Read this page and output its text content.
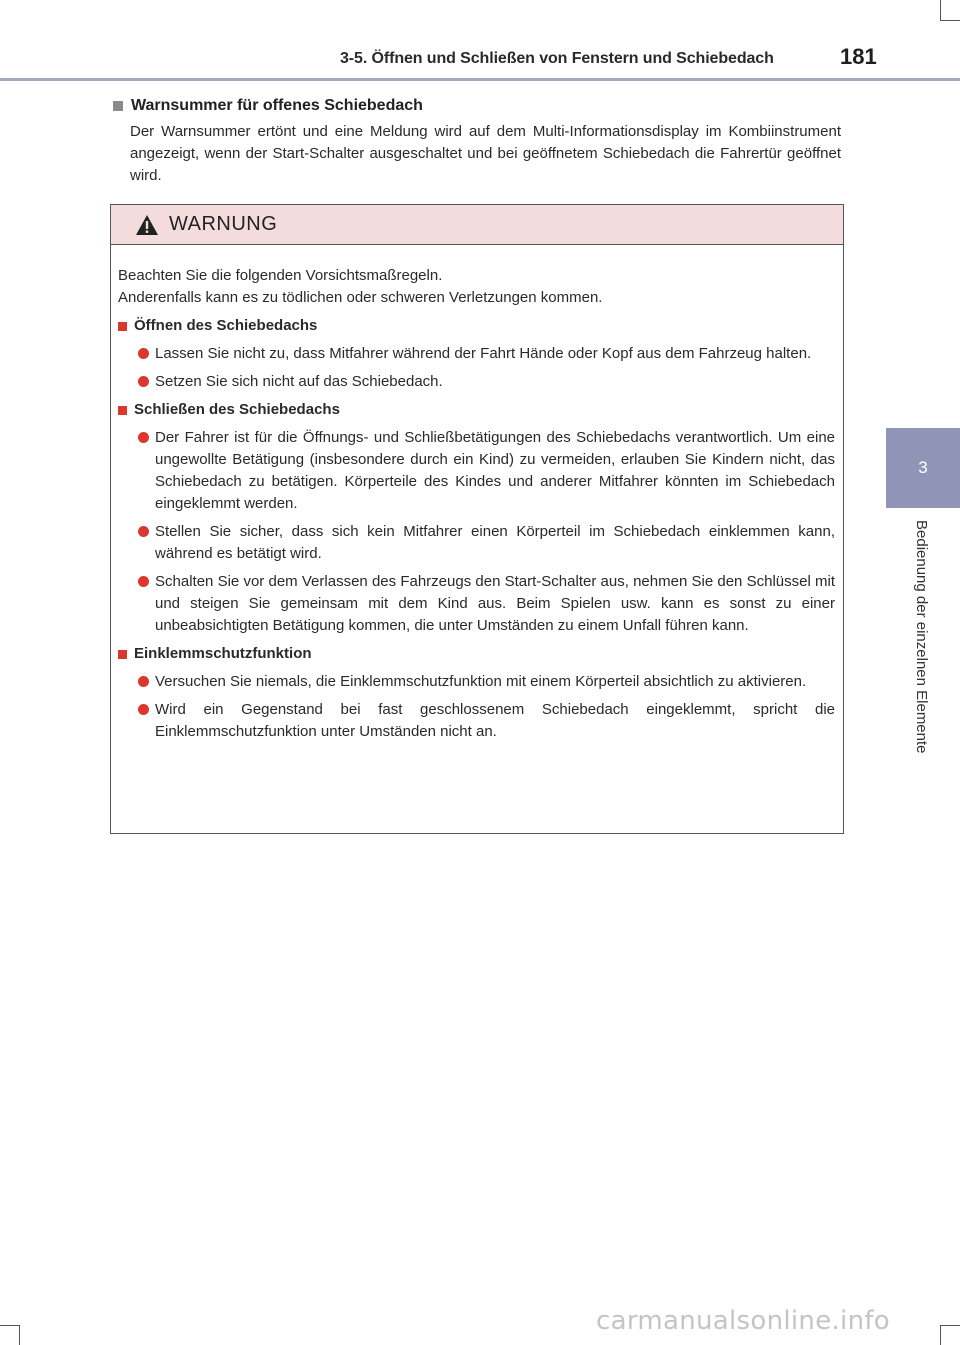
3-5. Öffnen und Schließen von Fenstern und Schiebedach	181
3
Bedienung der einzelnen Elemente
Warnsummer für offenes Schiebedach

Der Warnsummer ertönt und eine Meldung wird auf dem Multi-Informationsdisplay im Kombiinstrument angezeigt, wenn der Start-Schalter ausgeschaltet und bei geöffnetem Schiebedach die Fahrertür geöffnet wird.

WARNUNG

Beachten Sie die folgenden Vorsichtsmaßregeln.
Anderenfalls kann es zu tödlichen oder schweren Verletzungen kommen.

Öffnen des Schiebedachs
Lassen Sie nicht zu, dass Mitfahrer während der Fahrt Hände oder Kopf aus dem Fahrzeug halten.
Setzen Sie sich nicht auf das Schiebedach.
Schließen des Schiebedachs
Der Fahrer ist für die Öffnungs- und Schließbetätigungen des Schiebedachs verantwortlich. Um eine ungewollte Betätigung (insbesondere durch ein Kind) zu vermeiden, erlauben Sie Kindern nicht, das Schiebedach zu betätigen. Körperteile des Kindes und anderer Mitfahrer könnten im Schiebedach eingeklemmt werden.
Stellen Sie sicher, dass sich kein Mitfahrer einen Körperteil im Schiebedach einklemmen kann, während es betätigt wird.
Schalten Sie vor dem Verlassen des Fahrzeugs den Start-Schalter aus, nehmen Sie den Schlüssel mit und steigen Sie gemeinsam mit dem Kind aus. Beim Spielen usw. kann es sonst zu einer unbeabsichtigten Betätigung kommen, die unter Umständen zu einem Unfall führen kann.
Einklemmschutzfunktion
Versuchen Sie niemals, die Einklemmschutzfunktion mit einem Körperteil absichtlich zu aktivieren.
Wird ein Gegenstand bei fast geschlossenem Schiebedach eingeklemmt, spricht die Einklemmschutzfunktion unter Umständen nicht an.
carmanualsonline.info
